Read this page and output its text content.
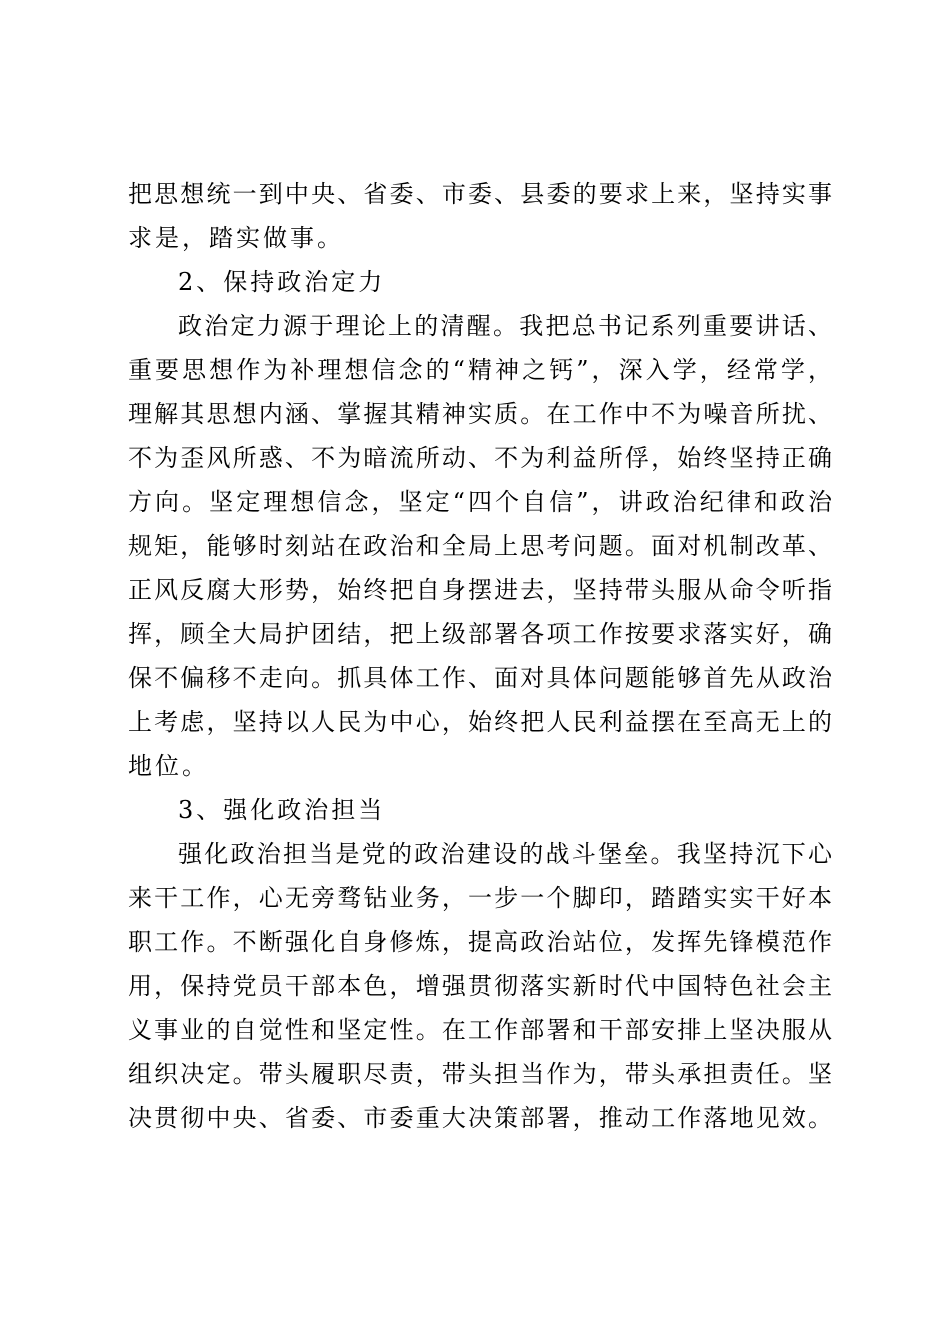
把思想统一到中央、省委、市委、县委的要求上来，坚持实事
求是，踏实做事。
2、保持政治定力
政治定力源于理论上的清醒。我把总书记系列重要讲话、
重要思想作为补理想信念的“精神之钙”，深入学，经常学，
理解其思想内涵、掌握其精神实质。在工作中不为噪音所扰、
不为歪风所惑、不为暗流所动、不为利益所俘，始终坚持正确
方向。坚定理想信念，坚定“四个自信”，讲政治纪律和政治
规矩，能够时刻站在政治和全局上思考问题。面对机制改革、
正风反腐大形势，始终把自身摆进去，坚持带头服从命令听指
挥，顾全大局护团结，把上级部署各项工作按要求落实好，确
保不偏移不走向。抓具体工作、面对具体问题能够首先从政治
上考虑，坚持以人民为中心，始终把人民利益摆在至高无上的
地位。
3、强化政治担当
强化政治担当是党的政治建设的战斗堡垒。我坚持沉下心
来干工作，心无旁骛钻业务，一步一个脚印，踏踏实实干好本
职工作。不断强化自身修炼，提高政治站位，发挥先锋模范作
用，保持党员干部本色，增强贯彻落实新时代中国特色社会主
义事业的自觉性和坚定性。在工作部署和干部安排上坚决服从
组织决定。带头履职尽责，带头担当作为，带头承担责任。坚
决贯彻中央、省委、市委重大决策部署，推动工作落地见效。
